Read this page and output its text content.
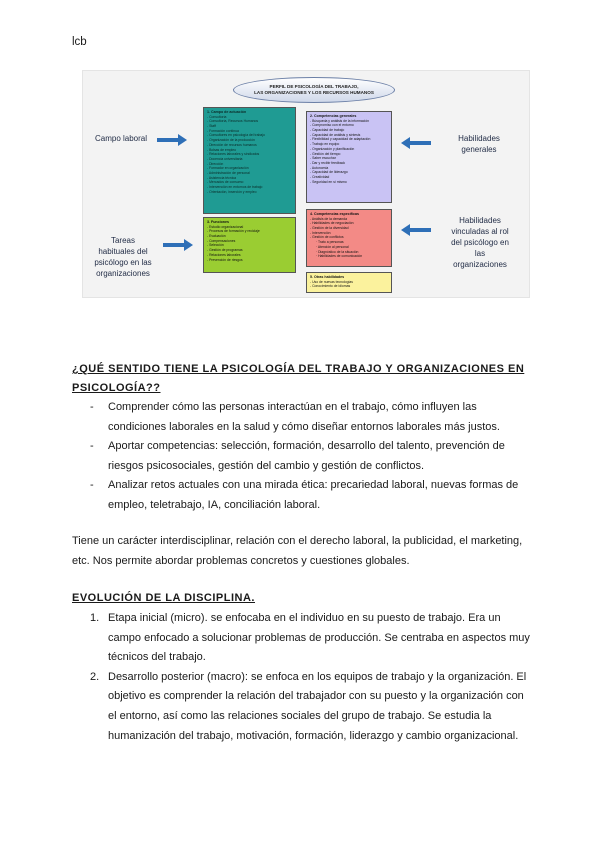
lcb
PERFIL DE PSICOLOGÍA DEL TRABAJO,
LAS ORGANIZACIONES Y LOS RECURSOS HUMANOS
Campo laboral
Tareas
habituales del
psicólogo en las
organizaciones
Habilidades
generales
Habilidades
vinculadas al rol
del psicólogo en
las
organizaciones
1. Campo de actuación
- Consultoría
- Consultoría, Recursos Humanos
- Staff
- Formación continua
- Consultores en psicología del trabajo
- Organización de la producción
- Dirección de recursos humanos
- Bolsas de empleo
- Relaciones laborales y sindicatos
- Docencia universitaria
- Dirección
- Formador en organización
- Administración de personal
- Asistencia técnica
- Mercados de consumo
- Intervención en entornos de trabajo
- Orientación, inserción y empleo
2. Competencias generales
- Búsqueda y análisis de la información
- Compromiso con el entorno
- Capacidad de trabajo
- Capacidad de análisis y síntesis
- Flexibilidad y capacidad de adaptación
- Trabajo en equipo
- Organización y planificación
- Gestión del tiempo
- Saber escuchar
- Dar y recibir feedback
- Autonomía
- Capacidad de liderazgo
- Creatividad
- Seguridad en sí mismo
3. Funciones
- Estudio organizacional
- Procesos de formación y reciclaje
- Evaluación
- Compensaciones
- Selección
- Gestión de programas
- Relaciones laborales
- Prevención de riesgos
4. Competencias específicas
- Análisis de la demanda
- Habilidades de negociación
- Gestión de la diversidad
- Intervención
- Gestión de conflictos
· Trato a personas
· Atención al personal
· Diagnóstico de la situación
· Habilidades de comunicación
5. Otras habilidades
- Uso de nuevas tecnologías
- Conocimiento de idiomas
¿QUÉ SENTIDO TIENE LA PSICOLOGÍA DEL TRABAJO Y ORGANIZACIONES EN
PSICOLOGÍA??
- Comprender cómo las personas interactúan en el trabajo, cómo influyen las condiciones laborales en la salud y cómo diseñar entornos laborales más justos.
- Aportar competencias: selección, formación, desarrollo del talento, prevención de riesgos psicosociales, gestión del cambio y gestión de conflictos.
- Analizar retos actuales con una mirada ética: precariedad laboral, nuevas formas de empleo, teletrabajo, IA, conciliación laboral.

Tiene un carácter interdisciplinar, relación con el derecho laboral, la publicidad, el marketing, etc. Nos permite abordar problemas concretos y cuestiones globales.

EVOLUCIÓN DE LA DISCIPLINA.
1. Etapa inicial (micro). se enfocaba en el individuo en su puesto de trabajo. Era un campo enfocado a solucionar problemas de producción. Se centraba en aspectos muy técnicos del trabajo.
2. Desarrollo posterior (macro): se enfoca en los equipos de trabajo y la organización. El objetivo es comprender la relación del trabajador con su puesto y la organización con el entorno, así como las relaciones sociales del grupo de trabajo. Se estudia la humanización del trabajo, motivación, formación, liderazgo y cambio organizacional.
